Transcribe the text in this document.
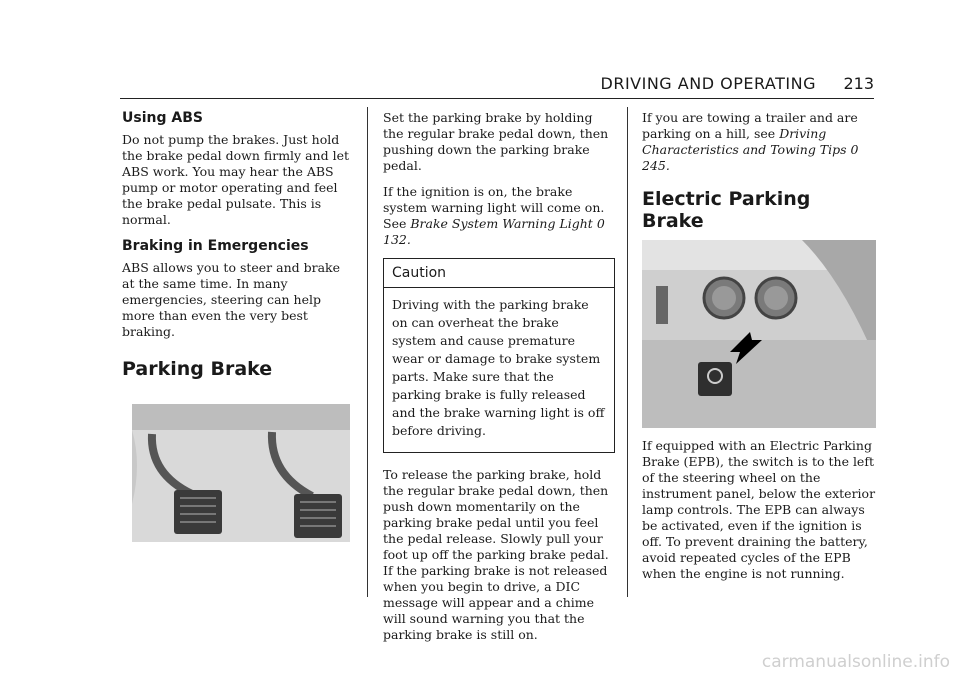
DRIVING AND OPERATING 213
Using ABS

Do not pump the brakes. Just hold the brake pedal down firmly and let ABS work. You may hear the ABS pump or motor operating and feel the brake pedal pulsate. This is normal.

Braking in Emergencies

ABS allows you to steer and brake at the same time. In many emergencies, steering can help more than even the very best braking.

Parking Brake

Set the parking brake by holding the regular brake pedal down, then pushing down the parking brake pedal.

If the ignition is on, the brake system warning light will come on. See Brake System Warning Light 0 132.

Caution

Driving with the parking brake on can overheat the brake system and cause premature wear or damage to brake system parts. Make sure that the parking brake is fully released and the brake warning light is off before driving.

To release the parking brake, hold the regular brake pedal down, then push down momentarily on the parking brake pedal until you feel the pedal release. Slowly pull your foot up off the parking brake pedal. If the parking brake is not released when you begin to drive, a DIC message will appear and a chime will sound warning you that the parking brake is still on.

If you are towing a trailer and are parking on a hill, see Driving Characteristics and Towing Tips 0 245.

Electric Parking Brake

If equipped with an Electric Parking Brake (EPB), the switch is to the left of the steering wheel on the instrument panel, below the exterior lamp controls. The EPB can always be activated, even if the ignition is off. To prevent draining the battery, avoid repeated cycles of the EPB when the engine is not running.

carmanualsonline.info
